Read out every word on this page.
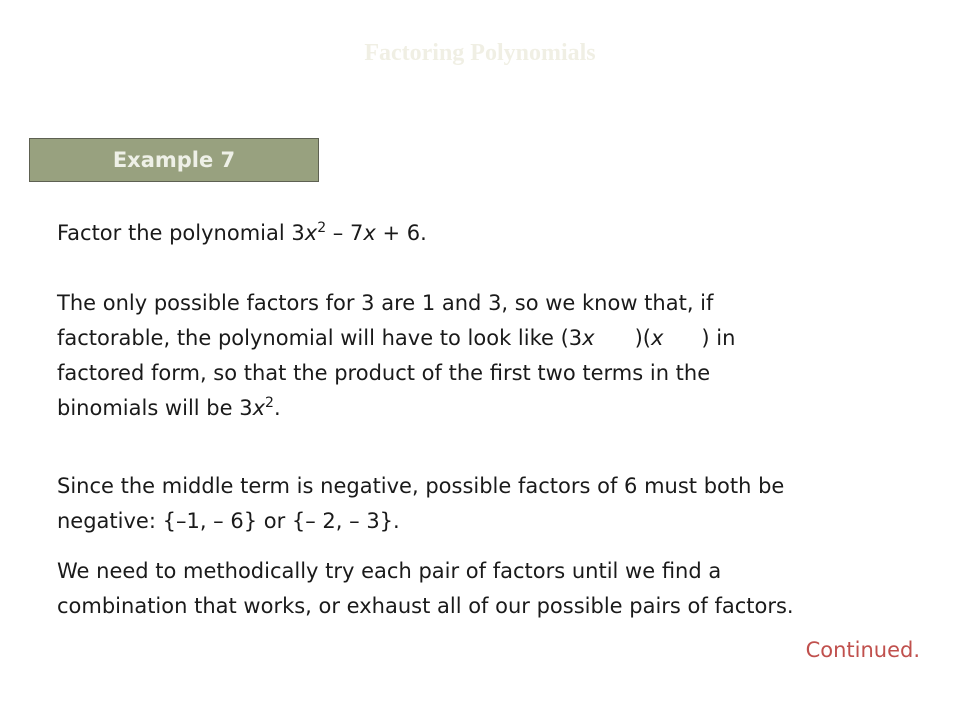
Factoring Polynomials
Example 7
Factor the polynomial $3x^2 - 7x + 6$.
The only possible factors for 3 are 1 and 3, so we know that, if
factorable, the polynomial will have to look like (3x )(x ) in
factored form, so that the product of the first two terms in the
binomials will be $3x^2$.
Since the middle term is negative, possible factors of 6 must both be
negative: {–1, – 6} or {– 2, – 3}.
We need to methodically try each pair of factors until we find a
combination that works, or exhaust all of our possible pairs of factors.
Continued.
